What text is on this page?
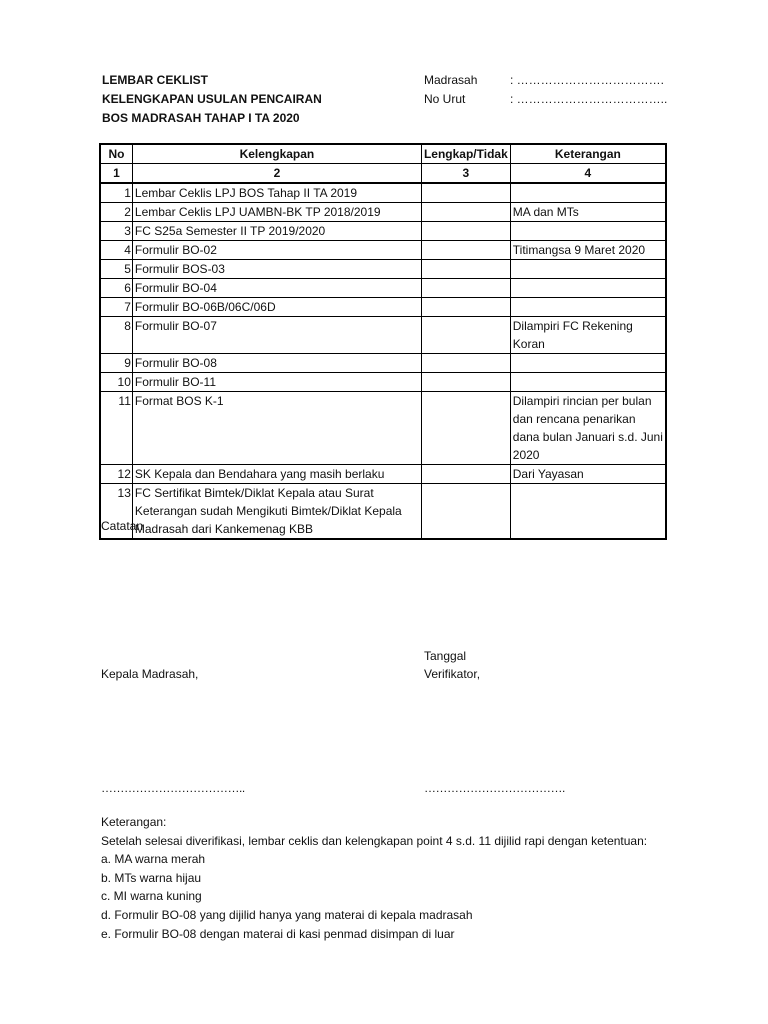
LEMBAR CEKLIST
KELENGKAPAN USULAN PENCAIRAN
BOS MADRASAH TAHAP I TA 2020
Madrasah	: ……………………………….
No Urut	: ………………………………..
No	Kelengkapan	Lengkap/Tidak	Keterangan
1	2	3	4
1	Lembar Ceklis LPJ BOS Tahap II TA 2019		
2	Lembar Ceklis LPJ UAMBN-BK TP 2018/2019		MA dan MTs
3	FC S25a Semester II TP 2019/2020		
4	Formulir BO-02		Titimangsa 9 Maret 2020
5	Formulir BOS-03		
6	Formulir BO-04		
7	Formulir BO-06B/06C/06D		
8	Formulir BO-07		Dilampiri FC Rekening Koran
9	Formulir BO-08		
10	Formulir BO-11		
11	Format BOS K-1		Dilampiri rincian per bulan dan rencana penarikan dana bulan Januari s.d. Juni 2020
12	SK Kepala dan Bendahara yang masih berlaku		Dari Yayasan
13	FC Sertifikat Bimtek/Diklat Kepala atau Surat Keterangan sudah Mengikuti Bimtek/Diklat Kepala Madrasah dari Kankemenag KBB		
Catatan
Tanggal
Kepala Madrasah,	Verifikator,
………………………………..	……………………………….
Keterangan:
Setelah selesai diverifikasi, lembar ceklis dan kelengkapan point 4 s.d. 11 dijilid rapi dengan ketentuan:
a. MA warna merah
b. MTs warna hijau
c. MI warna kuning
d. Formulir BO-08 yang dijilid hanya yang materai di kepala madrasah
e. Formulir BO-08 dengan materai di kasi penmad disimpan di luar
